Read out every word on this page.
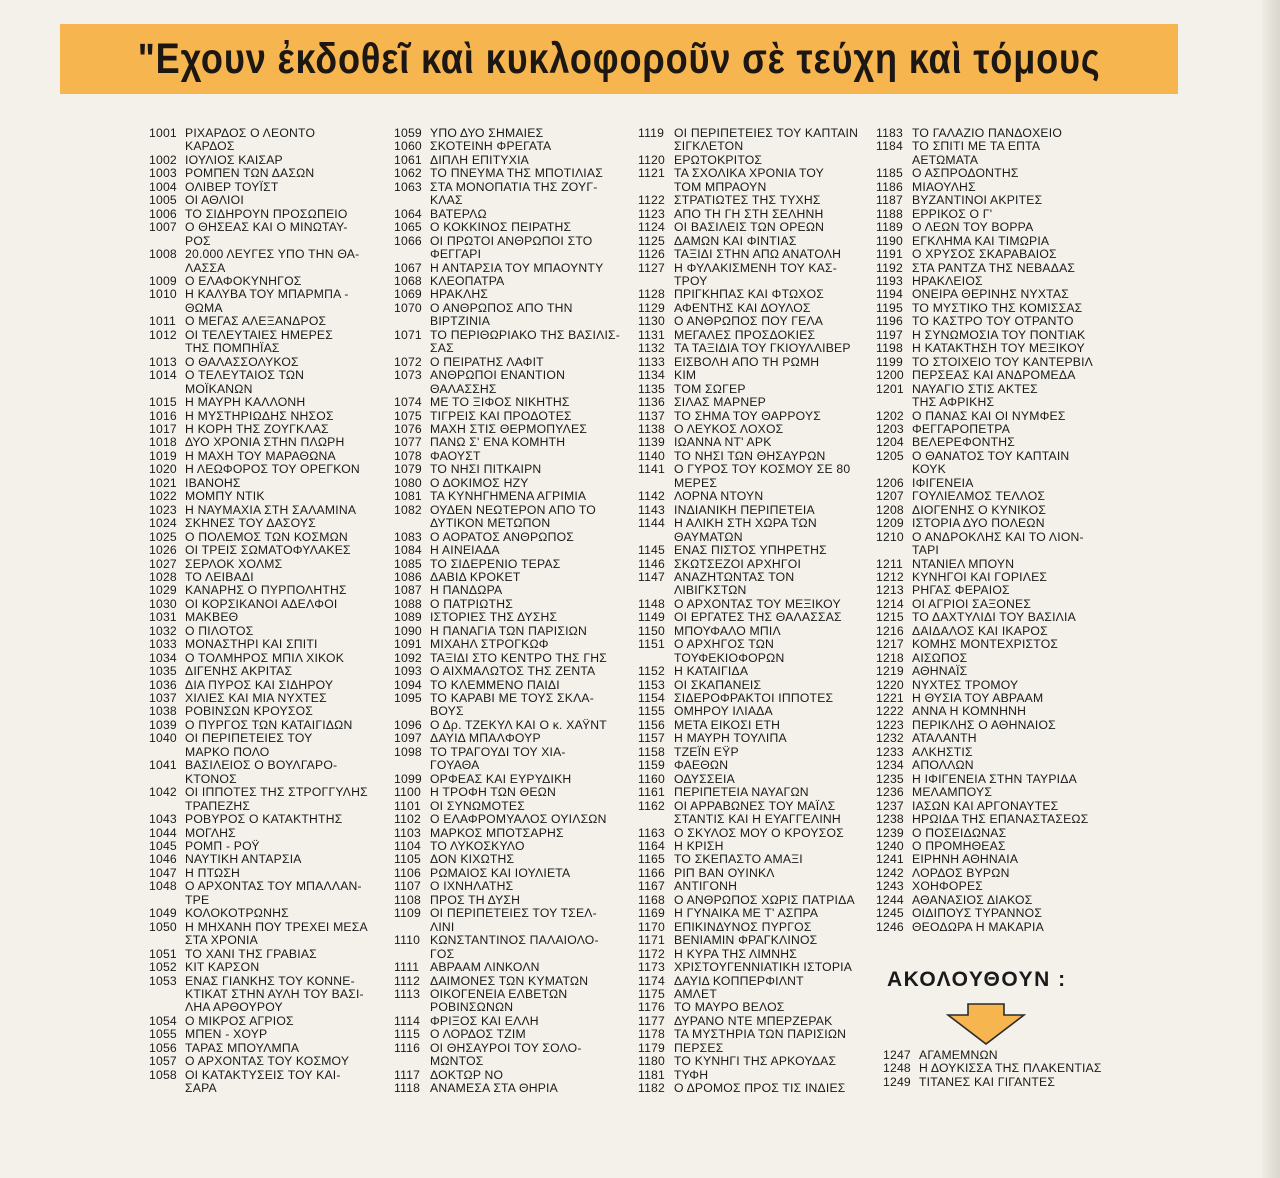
"Εχουν ἐκδοθεῖ καὶ κυκλοφοροῦν σὲ τεύχη καὶ τόμους
1001 ΡΙΧΑΡΔΟΣ Ο ΛΕΟΝΤΟ
ΚΑΡΔΟΣ
1002 ΙΟΥΛΙΟΣ ΚΑΙΣΑΡ
1003 ΡΟΜΠΕΝ ΤΩΝ ΔΑΣΩΝ
1004 ΟΛΙΒΕΡ ΤΟΥΪΣΤ
1005 ΟΙ ΑΘΛΙΟΙ
1006 ΤΟ ΣΙΔΗΡΟΥΝ ΠΡΟΣΩΠΕΙΟ
1007 Ο ΘΗΣΕΑΣ ΚΑΙ Ο ΜΙΝΩΤΑΥ-
ΡΟΣ
1008 20.000 ΛΕΥΓΕΣ ΥΠΟ ΤΗΝ ΘΑ-
ΛΑΣΣΑ
1009 Ο ΕΛΑΦΟΚΥΝΗΓΟΣ
1010 Η ΚΑΛΥΒΑ ΤΟΥ ΜΠΑΡΜΠΑ -
ΘΩΜΑ
1011 Ο ΜΕΓΑΣ ΑΛΕΞΑΝΔΡΟΣ
1012 ΟΙ ΤΕΛΕΥΤΑΙΕΣ ΗΜΕΡΕΣ
ΤΗΣ ΠΟΜΠΗΪΑΣ
1013 Ο ΘΑΛΑΣΣΟΛΥΚΟΣ
1014 Ο ΤΕΛΕΥΤΑΙΟΣ ΤΩΝ
ΜΟΪΚΑΝΩΝ
1015 Η ΜΑΥΡΗ ΚΑΛΛΟΝΗ
1016 Η ΜΥΣΤΗΡΙΩΔΗΣ ΝΗΣΟΣ
1017 Η ΚΟΡΗ ΤΗΣ ΖΟΥΓΚΛΑΣ
1018 ΔΥΟ ΧΡΟΝΙΑ ΣΤΗΝ ΠΛΩΡΗ
1019 Η ΜΑΧΗ ΤΟΥ ΜΑΡΑΘΩΝΑ
1020 Η ΛΕΩΦΟΡΟΣ ΤΟΥ ΟΡΕΓΚΟΝ
1021 ΙΒΑΝΟΗΣ
1022 ΜΟΜΠΥ ΝΤΙΚ
1023 Η ΝΑΥΜΑΧΙΑ ΣΤΗ ΣΑΛΑΜΙΝΑ
1024 ΣΚΗΝΕΣ ΤΟΥ ΔΑΣΟΥΣ
1025 Ο ΠΟΛΕΜΟΣ ΤΩΝ ΚΟΣΜΩΝ
1026 ΟΙ ΤΡΕΙΣ ΣΩΜΑΤΟΦΥΛΑΚΕΣ
1027 ΣΕΡΛΟΚ ΧΟΛΜΣ
1028 ΤΟ ΛΕΙΒΑΔΙ
1029 ΚΑΝΑΡΗΣ Ο ΠΥΡΠΟΛΗΤΗΣ
1030 ΟΙ ΚΟΡΣΙΚΑΝΟΙ ΑΔΕΛΦΟΙ
1031 ΜΑΚΒΕΘ
1032 Ο ΠΙΛΟΤΟΣ
1033 ΜΟΝΑΣΤΗΡΙ ΚΑΙ ΣΠΙΤΙ
1034 Ο ΤΟΛΜΗΡΟΣ ΜΠΙΛ ΧΙΚΟΚ
1035 ΔΙΓΕΝΗΣ ΑΚΡΙΤΑΣ
1036 ΔΙΑ ΠΥΡΟΣ ΚΑΙ ΣΙΔΗΡΟΥ
1037 ΧΙΛΙΕΣ ΚΑΙ ΜΙΑ ΝΥΧΤΕΣ
1038 ΡΟΒΙΝΣΩΝ ΚΡΟΥΣΟΣ
1039 Ο ΠΥΡΓΟΣ ΤΩΝ ΚΑΤΑΙΓΙΔΩΝ
1040 ΟΙ ΠΕΡΙΠΕΤΕΙΕΣ ΤΟΥ
ΜΑΡΚΟ ΠΟΛΟ
1041 ΒΑΣΙΛΕΙΟΣ Ο ΒΟΥΛΓΑΡΟ-
ΚΤΟΝΟΣ
1042 ΟΙ ΙΠΠΟΤΕΣ ΤΗΣ ΣΤΡΟΓΓΥΛΗΣ
ΤΡΑΠΕΖΗΣ
1043 ΡΟΒΥΡΟΣ Ο ΚΑΤΑΚΤΗΤΗΣ
1044 ΜΟΓΛΗΣ
1045 ΡΟΜΠ - ΡΟΫ
1046 ΝΑΥΤΙΚΗ ΑΝΤΑΡΣΙΑ
1047 Η ΠΤΩΣΗ
1048 Ο ΑΡΧΟΝΤΑΣ ΤΟΥ ΜΠΑΛΛΑΝ-
ΤΡΕ
1049 ΚΟΛΟΚΟΤΡΩΝΗΣ
1050 Η ΜΗΧΑΝΗ ΠΟΥ ΤΡΕΧΕΙ ΜΕΣΑ
ΣΤΑ ΧΡΟΝΙΑ
1051 ΤΟ ΧΑΝΙ ΤΗΣ ΓΡΑΒΙΑΣ
1052 ΚΙΤ ΚΑΡΣΟΝ
1053 ΕΝΑΣ ΓΙΑΝΚΗΣ ΤΟΥ ΚΟΝΝΕ-
ΚΤΙΚΑΤ ΣΤΗΝ ΑΥΛΗ ΤΟΥ ΒΑΣΙ-
ΛΗΑ ΑΡΘΟΥΡΟΥ
1054 Ο ΜΙΚΡΟΣ ΑΓΡΙΟΣ
1055 ΜΠΕΝ - ΧΟΥΡ
1056 ΤΑΡΑΣ ΜΠΟΥΛΜΠΑ
1057 Ο ΑΡΧΟΝΤΑΣ ΤΟΥ ΚΟΣΜΟΥ
1058 ΟΙ ΚΑΤΑΚΤΥΣΕΙΣ ΤΟΥ ΚΑΙ-
ΣΑΡΑ
1059 ΥΠΟ ΔΥΟ ΣΗΜΑΙΕΣ
1060 ΣΚΟΤΕΙΝΗ ΦΡΕΓΑΤΑ
1061 ΔΙΠΛΗ ΕΠΙΤΥΧΙΑ
1062 ΤΟ ΠΝΕΥΜΑ ΤΗΣ ΜΠΟΤΙΛΙΑΣ
1063 ΣΤΑ ΜΟΝΟΠΑΤΙΑ ΤΗΣ ΖΟΥΓ-
ΚΛΑΣ
1064 ΒΑΤΕΡΛΩ
1065 Ο ΚΟΚΚΙΝΟΣ ΠΕΙΡΑΤΗΣ
1066 ΟΙ ΠΡΩΤΟΙ ΑΝΘΡΩΠΟΙ ΣΤΟ
ΦΕΓΓΑΡΙ
1067 Η ΑΝΤΑΡΣΙΑ ΤΟΥ ΜΠΑΟΥΝΤΥ
1068 ΚΛΕΟΠΑΤΡΑ
1069 ΗΡΑΚΛΗΣ
1070 Ο ΑΝΘΡΩΠΟΣ ΑΠΟ ΤΗΝ
ΒΙΡΤΖΙΝΙΑ
1071 ΤΟ ΠΕΡΙΘΩΡΙΑΚΟ ΤΗΣ ΒΑΣΙΛΙΣ-
ΣΑΣ
1072 Ο ΠΕΙΡΑΤΗΣ ΛΑΦΙΤ
1073 ΑΝΘΡΩΠΟΙ ΕΝΑΝΤΙΟΝ
ΘΑΛΑΣΣΗΣ
1074 ΜΕ ΤΟ ΞΙΦΟΣ ΝΙΚΗΤΗΣ
1075 ΤΙΓΡΕΙΣ ΚΑΙ ΠΡΟΔΟΤΕΣ
1076 ΜΑΧΗ ΣΤΙΣ ΘΕΡΜΟΠΥΛΕΣ
1077 ΠΑΝΩ Σ' ΕΝΑ ΚΟΜΗΤΗ
1078 ΦΑΟΥΣΤ
1079 ΤΟ ΝΗΣΙ ΠΙΤΚΑΙΡΝ
1080 Ο ΔΟΚΙΜΟΣ ΗΖΥ
1081 ΤΑ ΚΥΝΗΓΗΜΕΝΑ ΑΓΡΙΜΙΑ
1082 ΟΥΔΕΝ ΝΕΩΤΕΡΟΝ ΑΠΟ ΤΟ
ΔΥΤΙΚΟΝ ΜΕΤΩΠΟΝ
1083 Ο ΑΟΡΑΤΟΣ ΑΝΘΡΩΠΟΣ
1084 Η ΑΙΝΕΙΑΔΑ
1085 ΤΟ ΣΙΔΕΡΕΝΙΟ ΤΕΡΑΣ
1086 ΔΑΒΙΔ ΚΡΟΚΕΤ
1087 Η ΠΑΝΔΩΡΑ
1088 Ο ΠΑΤΡΙΩΤΗΣ
1089 ΙΣΤΟΡΙΕΣ ΤΗΣ ΔΥΣΗΣ
1090 Η ΠΑΝΑΓΙΑ ΤΩΝ ΠΑΡΙΣΙΩΝ
1091 ΜΙΧΑΗΛ ΣΤΡΟΓΚΩΦ
1092 ΤΑΞΙΔΙ ΣΤΟ ΚΕΝΤΡΟ ΤΗΣ ΓΗΣ
1093 Ο ΑΙΧΜΑΛΩΤΟΣ ΤΗΣ ΖΕΝΤΑ
1094 ΤΟ ΚΛΕΜΜΕΝΟ ΠΑΙΔΙ
1095 ΤΟ ΚΑΡΑΒΙ ΜΕ ΤΟΥΣ ΣΚΛΑ-
ΒΟΥΣ
1096 Ο Δρ. ΤΖΕΚΥΛ ΚΑΙ Ο κ. ΧΑΫΝΤ
1097 ΔΑΥΙΔ ΜΠΑΛΦΟΥΡ
1098 ΤΟ ΤΡΑΓΟΥΔΙ ΤΟΥ ΧΙΑ-
ΓΟΥΑΘΑ
1099 ΟΡΦΕΑΣ ΚΑΙ ΕΥΡΥΔΙΚΗ
1100 Η ΤΡΟΦΗ ΤΩΝ ΘΕΩΝ
1101 ΟΙ ΣΥΝΩΜΟΤΕΣ
1102 Ο ΕΛΑΦΡΟΜΥΑΛΟΣ ΟΥΙΛΣΩΝ
1103 ΜΑΡΚΟΣ ΜΠΟΤΣΑΡΗΣ
1104 ΤΟ ΛΥΚΟΣΚΥΛΟ
1105 ΔΟΝ ΚΙΧΩΤΗΣ
1106 ΡΩΜΑΙΟΣ ΚΑΙ ΙΟΥΛΙΕΤΑ
1107 Ο ΙΧΝΗΛΑΤΗΣ
1108 ΠΡΟΣ ΤΗ ΔΥΣΗ
1109 ΟΙ ΠΕΡΙΠΕΤΕΙΕΣ ΤΟΥ ΤΣΕΛ-
ΛΙΝΙ
1110 ΚΩΝΣΤΑΝΤΙΝΟΣ ΠΑΛΑΙΟΛΟ-
ΓΟΣ
1111 ΑΒΡΑΑΜ ΛΙΝΚΟΛΝ
1112 ΔΑΙΜΟΝΕΣ ΤΩΝ ΚΥΜΑΤΩΝ
1113 ΟΙΚΟΓΕΝΕΙΑ ΕΛΒΕΤΩΝ
ΡΟΒΙΝΣΩΝΩΝ
1114 ΦΡΙΞΟΣ ΚΑΙ ΕΛΛΗ
1115 Ο ΛΟΡΔΟΣ ΤΖΙΜ
1116 ΟΙ ΘΗΣΑΥΡΟΙ ΤΟΥ ΣΟΛΟ-
ΜΩΝΤΟΣ
1117 ΔΟΚΤΩΡ ΝΟ
1118 ΑΝΑΜΕΣΑ ΣΤΑ ΘΗΡΙΑ
1119 ΟΙ ΠΕΡΙΠΕΤΕΙΕΣ ΤΟΥ ΚΑΠΤΑΙΝ
ΣΙΓΚΛΕΤΟΝ
1120 ΕΡΩΤΟΚΡΙΤΟΣ
1121 ΤΑ ΣΧΟΛΙΚΑ ΧΡΟΝΙΑ ΤΟΥ
ΤΟΜ ΜΠΡΑΟΥΝ
1122 ΣΤΡΑΤΙΩΤΕΣ ΤΗΣ ΤΥΧΗΣ
1123 ΑΠΟ ΤΗ ΓΗ ΣΤΗ ΣΕΛΗΝΗ
1124 ΟΙ ΒΑΣΙΛΕΙΣ ΤΩΝ ΟΡΕΩΝ
1125 ΔΑΜΩΝ ΚΑΙ ΦΙΝΤΙΑΣ
1126 ΤΑΞΙΔΙ ΣΤΗΝ ΑΠΩ ΑΝΑΤΟΛΗ
1127 Η ΦΥΛΑΚΙΣΜΕΝΗ ΤΟΥ ΚΑΣ-
ΤΡΟΥ
1128 ΠΡΙΓΚΗΠΑΣ ΚΑΙ ΦΤΩΧΟΣ
1129 ΑΦΕΝΤΗΣ ΚΑΙ ΔΟΥΛΟΣ
1130 Ο ΑΝΘΡΩΠΟΣ ΠΟΥ ΓΕΛΑ
1131 ΜΕΓΑΛΕΣ ΠΡΟΣΔΟΚΙΕΣ
1132 ΤΑ ΤΑΞΙΔΙΑ ΤΟΥ ΓΚΙΟΥΛΛΙΒΕΡ
1133 ΕΙΣΒΟΛΗ ΑΠΟ ΤΗ ΡΩΜΗ
1134 ΚΙΜ
1135 ΤΟΜ ΣΩΓΕΡ
1136 ΣΙΛΑΣ ΜΑΡΝΕΡ
1137 ΤΟ ΣΗΜΑ ΤΟΥ ΘΑΡΡΟΥΣ
1138 Ο ΛΕΥΚΟΣ ΛΟΧΟΣ
1139 ΙΩΑΝΝΑ ΝΤ' ΑΡΚ
1140 ΤΟ ΝΗΣΙ ΤΩΝ ΘΗΣΑΥΡΩΝ
1141 Ο ΓΥΡΟΣ ΤΟΥ ΚΟΣΜΟΥ ΣΕ 80
ΜΕΡΕΣ
1142 ΛΟΡΝΑ ΝΤΟΥΝ
1143 ΙΝΔΙΑΝΙΚΗ ΠΕΡΙΠΕΤΕΙΑ
1144 Η ΑΛΙΚΗ ΣΤΗ ΧΩΡΑ ΤΩΝ
ΘΑΥΜΑΤΩΝ
1145 ΕΝΑΣ ΠΙΣΤΟΣ ΥΠΗΡΕΤΗΣ
1146 ΣΚΩΤΣΕΖΟΙ ΑΡΧΗΓΟΙ
1147 ΑΝΑΖΗΤΩΝΤΑΣ ΤΟΝ
ΛΙΒΙΓΚΣΤΩΝ
1148 Ο ΑΡΧΟΝΤΑΣ ΤΟΥ ΜΕΞΙΚΟΥ
1149 ΟΙ ΕΡΓΑΤΕΣ ΤΗΣ ΘΑΛΑΣΣΑΣ
1150 ΜΠΟΥΦΑΛΟ ΜΠΙΛ
1151 Ο ΑΡΧΗΓΟΣ ΤΩΝ
ΤΟΥΦΕΚΙΟΦΟΡΩΝ
1152 Η ΚΑΤΑΙΓΙΔΑ
1153 ΟΙ ΣΚΑΠΑΝΕΙΣ
1154 ΣΙΔΕΡΟΦΡΑΚΤΟΙ ΙΠΠΟΤΕΣ
1155 ΟΜΗΡΟΥ ΙΛΙΑΔΑ
1156 ΜΕΤΑ ΕΙΚΟΣΙ ΕΤΗ
1157 Η ΜΑΥΡΗ ΤΟΥΛΙΠΑ
1158 ΤΖΕΪΝ ΕΫΡ
1159 ΦΑΕΘΩΝ
1160 ΟΔΥΣΣΕΙΑ
1161 ΠΕΡΙΠΕΤΕΙΑ ΝΑΥΑΓΩΝ
1162 ΟΙ ΑΡΡΑΒΩΝΕΣ ΤΟΥ ΜΑΪΛΣ
ΣΤΑΝΤΙΣ ΚΑΙ Η ΕΥΑΓΓΕΛΙΝΗ
1163 Ο ΣΚΥΛΟΣ ΜΟΥ Ο ΚΡΟΥΣΟΣ
1164 Η ΚΡΙΣΗ
1165 ΤΟ ΣΚΕΠΑΣΤΟ ΑΜΑΞΙ
1166 ΡΙΠ ΒΑΝ ΟΥΙΝΚΛ
1167 ΑΝΤΙΓΟΝΗ
1168 Ο ΑΝΘΡΩΠΟΣ ΧΩΡΙΣ ΠΑΤΡΙΔΑ
1169 Η ΓΥΝΑΙΚΑ ΜΕ Τ' ΑΣΠΡΑ
1170 ΕΠΙΚΙΝΔΥΝΟΣ ΠΥΡΓΟΣ
1171 ΒΕΝΙΑΜΙΝ ΦΡΑΓΚΛΙΝΟΣ
1172 Η ΚΥΡΑ ΤΗΣ ΛΙΜΝΗΣ
1173 ΧΡΙΣΤΟΥΓΕΝΝΙΑΤΙΚΗ ΙΣΤΟΡΙΑ
1174 ΔΑΥΙΔ ΚΟΠΠΕΡΦΙΛΝΤ
1175 ΑΜΛΕΤ
1176 ΤΟ ΜΑΥΡΟ ΒΕΛΟΣ
1177 ΔΥΡΑΝΟ ΝΤΕ ΜΠΕΡΖΕΡΑΚ
1178 ΤΑ ΜΥΣΤΗΡΙΑ ΤΩΝ ΠΑΡΙΣΙΩΝ
1179 ΠΕΡΣΕΣ
1180 ΤΟ ΚΥΝΗΓΙ ΤΗΣ ΑΡΚΟΥΔΑΣ
1181 ΤΥΦΗ
1182 Ο ΔΡΟΜΟΣ ΠΡΟΣ ΤΙΣ ΙΝΔΙΕΣ
1183 ΤΟ ΓΑΛΑΖΙΟ ΠΑΝΔΟΧΕΙΟ
1184 ΤΟ ΣΠΙΤΙ ΜΕ ΤΑ ΕΠΤΑ
ΑΕΤΩΜΑΤΑ
1185 Ο ΑΣΠΡΟΔΟΝΤΗΣ
1186 ΜΙΑΟΥΛΗΣ
1187 ΒΥΖΑΝΤΙΝΟΙ ΑΚΡΙΤΕΣ
1188 ΕΡΡΙΚΟΣ Ο Γ'
1189 Ο ΛΕΩΝ ΤΟΥ ΒΟΡΡΑ
1190 ΕΓΚΛΗΜΑ ΚΑΙ ΤΙΜΩΡΙΑ
1191 Ο ΧΡΥΣΟΣ ΣΚΑΡΑΒΑΙΟΣ
1192 ΣΤΑ ΡΑΝΤΖΑ ΤΗΣ ΝΕΒΑΔΑΣ
1193 ΗΡΑΚΛΕΙΟΣ
1194 ΟΝΕΙΡΑ ΘΕΡΙΝΗΣ ΝΥΧΤΑΣ
1195 ΤΟ ΜΥΣΤΙΚΟ ΤΗΣ ΚΟΜΙΣΣΑΣ
1196 ΤΟ ΚΑΣΤΡΟ ΤΟΥ ΟΤΡΑΝΤΟ
1197 Η ΣΥΝΩΜΟΣΙΑ ΤΟΥ ΠΟΝΤΙΑΚ
1198 Η ΚΑΤΑΚΤΗΣΗ ΤΟΥ ΜΕΞΙΚΟΥ
1199 ΤΟ ΣΤΟΙΧΕΙΟ ΤΟΥ ΚΑΝΤΕΡΒΙΛ
1200 ΠΕΡΣΕΑΣ ΚΑΙ ΑΝΔΡΟΜΕΔΑ
1201 ΝΑΥΑΓΙΟ ΣΤΙΣ ΑΚΤΕΣ
ΤΗΣ ΑΦΡΙΚΗΣ
1202 Ο ΠΑΝΑΣ ΚΑΙ ΟΙ ΝΥΜΦΕΣ
1203 ΦΕΓΓΑΡΟΠΕΤΡΑ
1204 ΒΕΛΕΡΕΦΟΝΤΗΣ
1205 Ο ΘΑΝΑΤΟΣ ΤΟΥ ΚΑΠΤΑΙΝ
ΚΟΥΚ
1206 ΙΦΙΓΕΝΕΙΑ
1207 ΓΟΥΛΙΕΛΜΟΣ ΤΕΛΛΟΣ
1208 ΔΙΟΓΕΝΗΣ Ο ΚΥΝΙΚΟΣ
1209 ΙΣΤΟΡΙΑ ΔΥΟ ΠΟΛΕΩΝ
1210 Ο ΑΝΔΡΟΚΛΗΣ ΚΑΙ ΤΟ ΛΙΟΝ-
ΤΑΡΙ
1211 ΝΤΑΝΙΕΛ ΜΠΟΥΝ
1212 ΚΥΝΗΓΟΙ ΚΑΙ ΓΟΡΙΛΕΣ
1213 ΡΗΓΑΣ ΦΕΡΑΙΟΣ
1214 ΟΙ ΑΓΡΙΟΙ ΣΑΞΟΝΕΣ
1215 ΤΟ ΔΑΧΤΥΛΙΔΙ ΤΟΥ ΒΑΣΙΛΙΑ
1216 ΔΑΙΔΑΛΟΣ ΚΑΙ ΙΚΑΡΟΣ
1217 ΚΟΜΗΣ ΜΟΝΤΕΧΡΙΣΤΟΣ
1218 ΑΙΣΩΠΟΣ
1219 ΑΘΗΝΑΪΣ
1220 ΝΥΧΤΕΣ ΤΡΟΜΟΥ
1221 Η ΘΥΣΙΑ ΤΟΥ ΑΒΡΑΑΜ
1222 ΑΝΝΑ Η ΚΟΜΝΗΝΗ
1223 ΠΕΡΙΚΛΗΣ Ο ΑΘΗΝΑΙΟΣ
1232 ΑΤΑΛΑΝΤΗ
1233 ΑΛΚΗΣΤΙΣ
1234 ΑΠΟΛΛΩΝ
1235 Η ΙΦΙΓΕΝΕΙΑ ΣΤΗΝ ΤΑΥΡΙΔΑ
1236 ΜΕΛΑΜΠΟΥΣ
1237 ΙΑΣΩΝ ΚΑΙ ΑΡΓΟΝΑΥΤΕΣ
1238 ΗΡΩΙΔΑ ΤΗΣ ΕΠΑΝΑΣΤΑΣΕΩΣ
1239 Ο ΠΟΣΕΙΔΩΝΑΣ
1240 Ο ΠΡΟΜΗΘΕΑΣ
1241 ΕΙΡΗΝΗ ΑΘΗΝΑΙΑ
1242 ΛΟΡΔΟΣ ΒΥΡΩΝ
1243 ΧΟΗΦΟΡΕΣ
1244 ΑΘΑΝΑΣΙΟΣ ΔΙΑΚΟΣ
1245 ΟΙΔΙΠΟΥΣ ΤΥΡΑΝΝΟΣ
1246 ΘΕΟΔΩΡΑ Η ΜΑΚΑΡΙΑ
ΑΚΟΛΟΥΘΟΥΝ :
1247 ΑΓΑΜΕΜΝΩΝ
1248 Η ΔΟΥΚΙΣΣΑ ΤΗΣ ΠΛΑΚΕΝΤΙΑΣ
1249 ΤΙΤΑΝΕΣ ΚΑΙ ΓΙΓΑΝΤΕΣ
